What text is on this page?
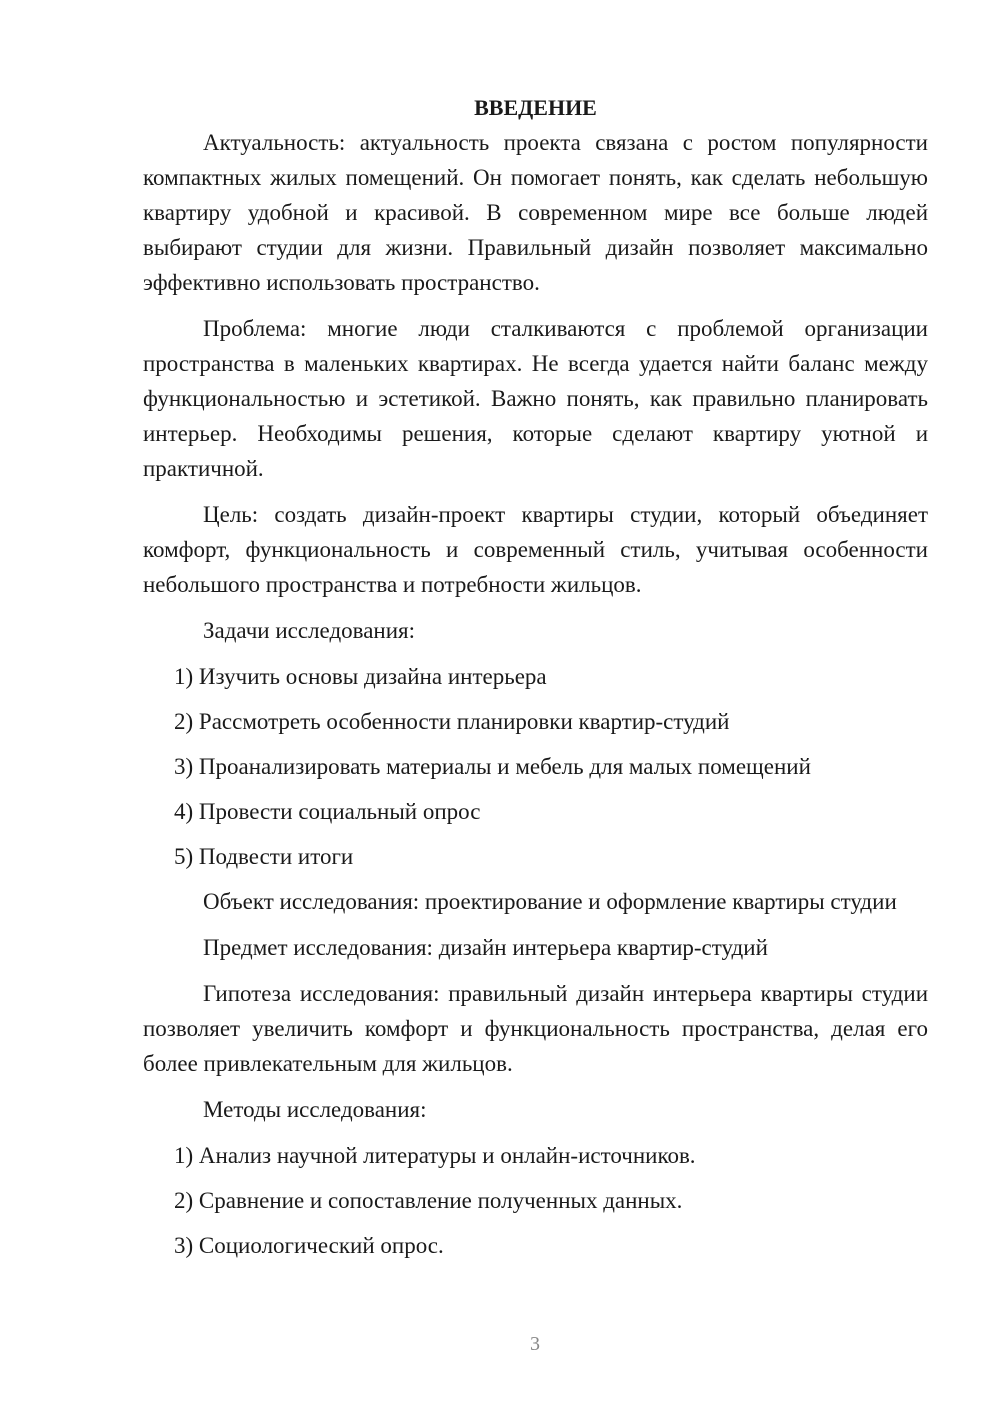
ВВЕДЕНИЕ

Актуальность: актуальность проекта связана с ростом популярности компактных жилых помещений. Он помогает понять, как сделать небольшую квартиру удобной и красивой. В современном мире все больше людей выбирают студии для жизни. Правильный дизайн позволяет максимально эффективно использовать пространство.

Проблема: многие люди сталкиваются с проблемой организации пространства в маленьких квартирах. Не всегда удается найти баланс между функциональностью и эстетикой. Важно понять, как правильно планировать интерьер. Необходимы решения, которые сделают квартиру уютной и практичной.

Цель: создать дизайн-проект квартиры студии, который объединяет комфорт, функциональность и современный стиль, учитывая особенности небольшого пространства и потребности жильцов.

Задачи исследования:

1) Изучить основы дизайна интерьера

2) Рассмотреть особенности планировки квартир-студий

3) Проанализировать материалы и мебель для малых помещений

4) Провести социальный опрос

5) Подвести итоги

Объект исследования: проектирование и оформление квартиры студии

Предмет исследования: дизайн интерьера квартир-студий

Гипотеза исследования: правильный дизайн интерьера квартиры студии позволяет увеличить комфорт и функциональность пространства, делая его более привлекательным для жильцов.

Методы исследования:

1) Анализ научной литературы и онлайн-источников.

2) Сравнение и сопоставление полученных данных.

3) Социологический опрос.

3
